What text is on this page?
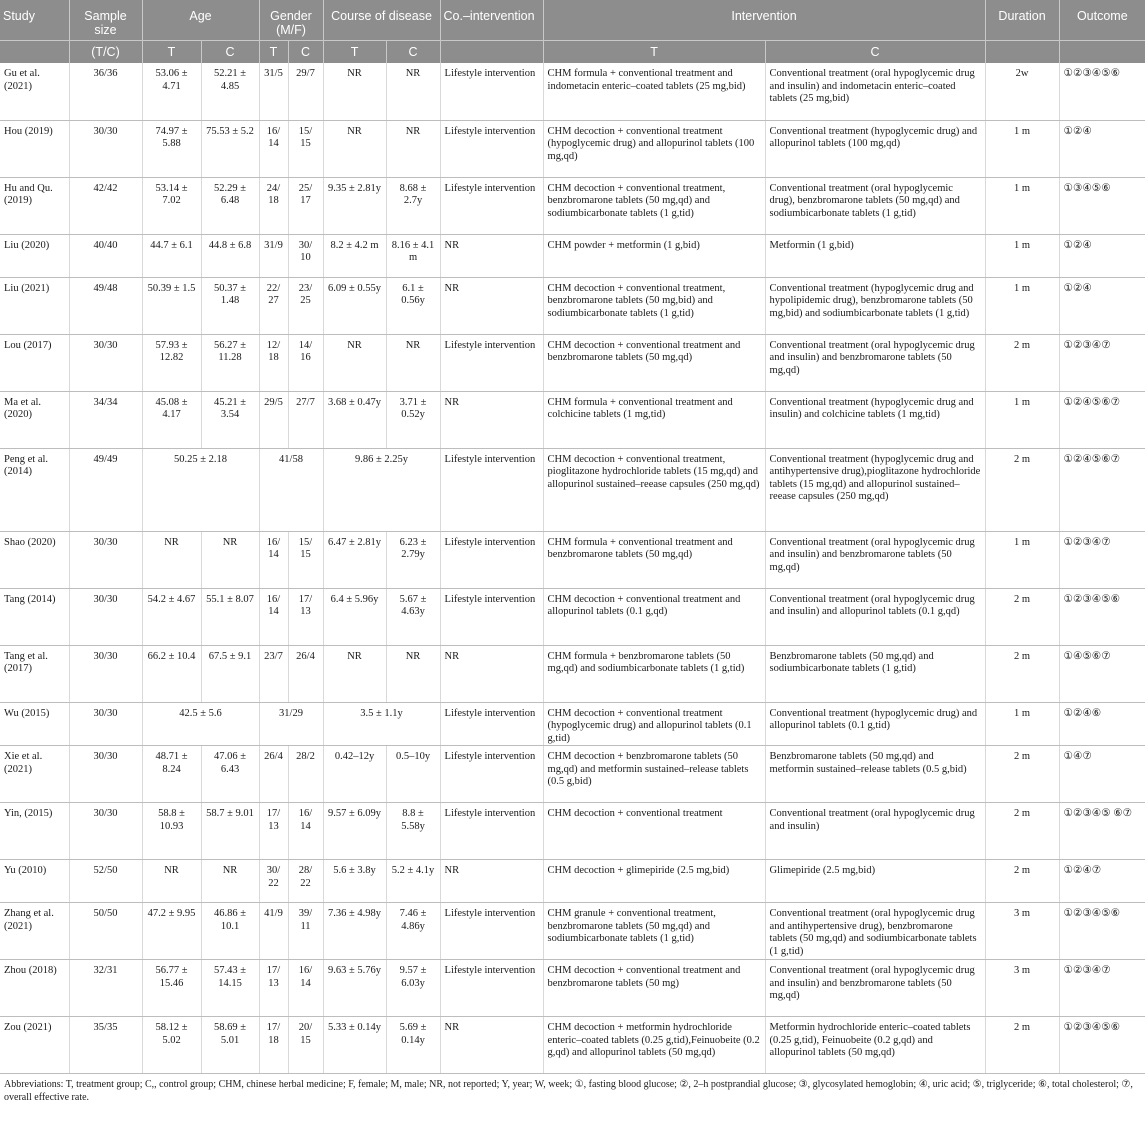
Study	Sample size	Age		Gender (M/F)		Course of disease		Co.–intervention	Intervention		Duration	Outcome
	(T/C)	T	C	T	C	T	C		T	C		
Gu et al. (2021)	36/36	53.06 ± 4.71	52.21 ± 4.85	31/5	29/7	NR	NR	Lifestyle intervention	CHM formula + conventional treatment and indometacin enteric–coated tablets (25 mg,bid)	Conventional treatment (oral hypoglycemic drug and insulin) and indometacin enteric–coated tablets (25 mg,bid)	2w	①②③④⑤⑥
Hou (2019)	30/30	74.97 ± 5.88	75.53 ± 5.2	16/ 14	15/ 15	NR	NR	Lifestyle intervention	CHM decoction + conventional treatment (hypoglycemic drug) and allopurinol tablets (100 mg,qd)	Conventional treatment (hypoglycemic drug) and allopurinol tablets (100 mg,qd)	1 m	①②④
Hu and Qu. (2019)	42/42	53.14 ± 7.02	52.29 ± 6.48	24/ 18	25/ 17	9.35 ± 2.81y	8.68 ± 2.7y	Lifestyle intervention	CHM decoction + conventional treatment, benzbromarone tablets (50 mg,qd) and sodiumbicarbonate tablets (1 g,tid)	Conventional treatment (oral hypoglycemic drug), benzbromarone tablets (50 mg,qd) and sodiumbicarbonate tablets (1 g,tid)	1 m	①③④⑤⑥
Liu (2020)	40/40	44.7 ± 6.1	44.8 ± 6.8	31/9	30/ 10	8.2 ± 4.2 m	8.16 ± 4.1 m	NR	CHM powder + metformin (1 g,bid)	Metformin (1 g,bid)	1 m	①②④
Liu (2021)	49/48	50.39 ± 1.5	50.37 ± 1.48	22/ 27	23/ 25	6.09 ± 0.55y	6.1 ± 0.56y	NR	CHM decoction + conventional treatment, benzbromarone tablets (50 mg,bid) and sodiumbicarbonate tablets (1 g,tid)	Conventional treatment (hypoglycemic drug and hypolipidemic drug), benzbromarone tablets (50 mg,bid) and sodiumbicarbonate tablets (1 g,tid)	1 m	①②④
Lou (2017)	30/30	57.93 ± 12.82	56.27 ± 11.28	12/ 18	14/ 16	NR	NR	Lifestyle intervention	CHM decoction + conventional treatment and benzbromarone tablets (50 mg,qd)	Conventional treatment (oral hypoglycemic drug and insulin) and benzbromarone tablets (50 mg,qd)	2 m	①②③④⑦
Ma et al. (2020)	34/34	45.08 ± 4.17	45.21 ± 3.54	29/5	27/7	3.68 ± 0.47y	3.71 ± 0.52y	NR	CHM formula + conventional treatment and colchicine tablets (1 mg,tid)	Conventional treatment (hypoglycemic drug and insulin) and colchicine tablets (1 mg,tid)	1 m	①②④⑤⑥⑦
Peng et al. (2014)	49/49	50.25 ± 2.18		41/58		9.86 ± 2.25y		Lifestyle intervention	CHM decoction + conventional treatment, pioglitazone hydrochloride tablets (15 mg,qd) and allopurinol sustained–reease capsules (250 mg,qd)	Conventional treatment (hypoglycemic drug and antihypertensive drug),pioglitazone hydrochloride tablets (15 mg,qd) and allopurinol sustained–reease capsules (250 mg,qd)	2 m	①②④⑤⑥⑦
Shao (2020)	30/30	NR	NR	16/ 14	15/ 15	6.47 ± 2.81y	6.23 ± 2.79y	Lifestyle intervention	CHM formula + conventional treatment and benzbromarone tablets (50 mg,qd)	Conventional treatment (oral hypoglycemic drug and insulin) and benzbromarone tablets (50 mg,qd)	1 m	①②③④⑦
Tang (2014)	30/30	54.2 ± 4.67	55.1 ± 8.07	16/ 14	17/ 13	6.4 ± 5.96y	5.67 ± 4.63y	Lifestyle intervention	CHM decoction + conventional treatment and allopurinol tablets (0.1 g,qd)	Conventional treatment (oral hypoglycemic drug and insulin) and allopurinol tablets (0.1 g,qd)	2 m	①②③④⑤⑥
Tang et al. (2017)	30/30	66.2 ± 10.4	67.5 ± 9.1	23/7	26/4	NR	NR	NR	CHM formula + benzbromarone tablets (50 mg,qd) and sodiumbicarbonate tablets (1 g,tid)	Benzbromarone tablets (50 mg,qd) and sodiumbicarbonate tablets (1 g,tid)	2 m	①④⑤⑥⑦
Wu (2015)	30/30	42.5 ± 5.6		31/29		3.5 ± 1.1y		Lifestyle intervention	CHM decoction + conventional treatment (hypoglycemic drug) and allopurinol tablets (0.1 g,tid)	Conventional treatment (hypoglycemic drug) and allopurinol tablets (0.1 g,tid)	1 m	①②④⑥
Xie et al. (2021)	30/30	48.71 ± 8.24	47.06 ± 6.43	26/4	28/2	0.42–12y	0.5–10y	Lifestyle intervention	CHM decoction + benzbromarone tablets (50 mg,qd) and metformin sustained–release tablets (0.5 g,bid)	Benzbromarone tablets (50 mg,qd) and metformin sustained–release tablets (0.5 g,bid)	2 m	①④⑦
Yin, (2015)	30/30	58.8 ± 10.93	58.7 ± 9.01	17/ 13	16/ 14	9.57 ± 6.09y	8.8 ± 5.58y	Lifestyle intervention	CHM decoction + conventional treatment	Conventional treatment (oral hypoglycemic drug and insulin)	2 m	①②③④⑤ ⑥⑦
Yu (2010)	52/50	NR	NR	30/ 22	28/ 22	5.6 ± 3.8y	5.2 ± 4.1y	NR	CHM decoction + glimepiride (2.5 mg,bid)	Glimepiride (2.5 mg,bid)	2 m	①②④⑦
Zhang et al. (2021)	50/50	47.2 ± 9.95	46.86 ± 10.1	41/9	39/ 11	7.36 ± 4.98y	7.46 ± 4.86y	Lifestyle intervention	CHM granule + conventional treatment, benzbromarone tablets (50 mg,qd) and sodiumbicarbonate tablets (1 g,tid)	Conventional treatment (oral hypoglycemic drug and antihypertensive drug), benzbromarone tablets (50 mg,qd) and sodiumbicarbonate tablets (1 g,tid)	3 m	①②③④⑤⑥
Zhou (2018)	32/31	56.77 ± 15.46	57.43 ± 14.15	17/ 13	16/ 14	9.63 ± 5.76y	9.57 ± 6.03y	Lifestyle intervention	CHM decoction + conventional treatment and benzbromarone tablets (50 mg)	Conventional treatment (oral hypoglycemic drug and insulin) and benzbromarone tablets (50 mg,qd)	3 m	①②③④⑦
Zou (2021)	35/35	58.12 ± 5.02	58.69 ± 5.01	17/ 18	20/ 15	5.33 ± 0.14y	5.69 ± 0.14y	NR	CHM decoction + metformin hydrochloride enteric–coated tablets (0.25 g,tid),Feinuobeite (0.2 g,qd) and allopurinol tablets (50 mg,qd)	Metformin hydrochloride enteric–coated tablets (0.25 g,tid), Feinuobeite (0.2 g,qd) and allopurinol tablets (50 mg,qd)	2 m	①②③④⑤⑥

Abbreviations: T, treatment group; C,, control group; CHM, chinese herbal medicine; F, female; M, male; NR, not reported; Y, year; W, week; ①, fasting blood glucose; ②, 2–h postprandial glucose; ③, glycosylated hemoglobin; ④, uric acid; ⑤, triglyceride; ⑥, total cholesterol; ⑦, overall effective rate.
